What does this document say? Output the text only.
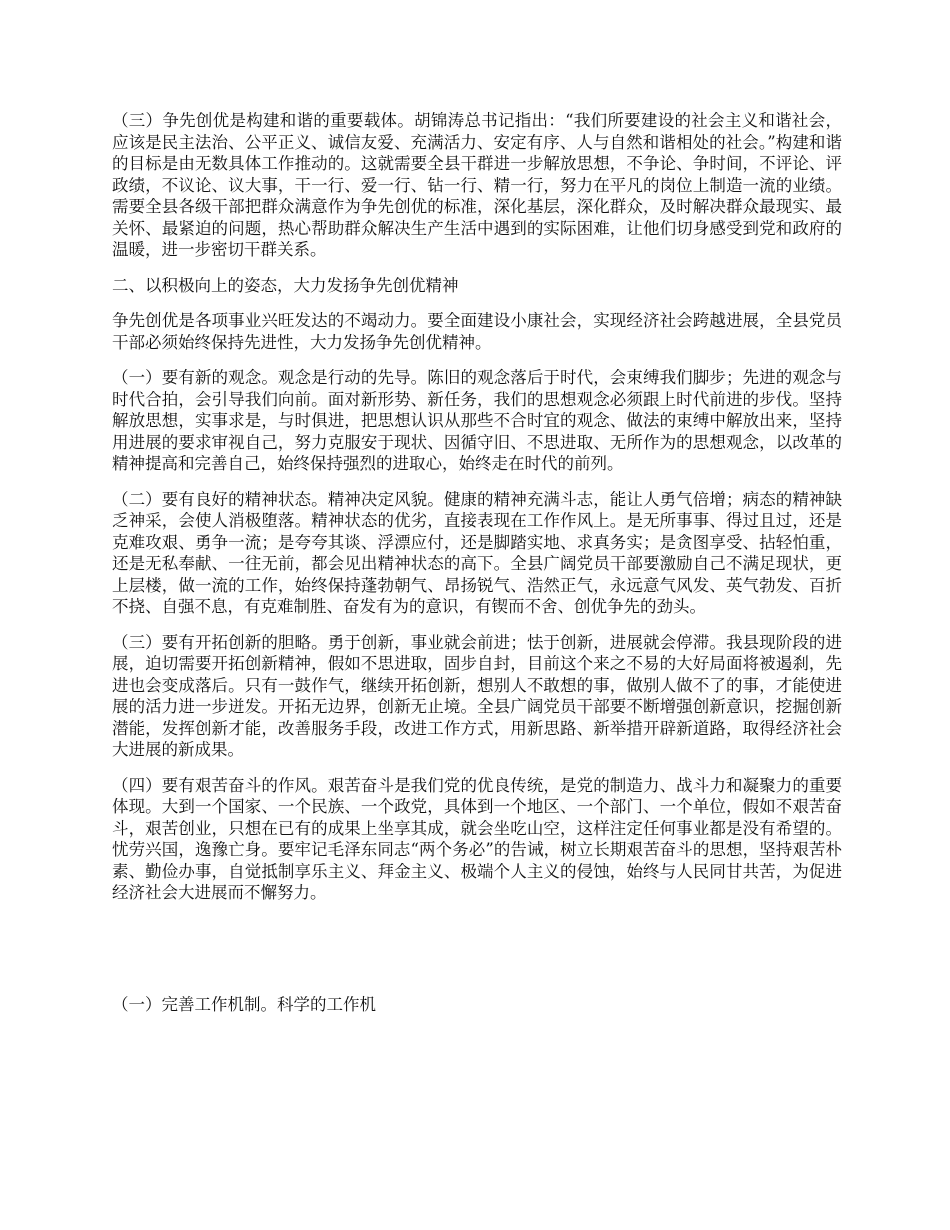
（三）争先创优是构建和谐的重要载体。胡锦涛总书记指出：“我们所要建设的社会主义和谐社会，应该是民主法治、公平正义、诚信友爱、充满活力、安定有序、人与自然和谐相处的社会。”构建和谐的目标是由无数具体工作推动的。这就需要全县干群进一步解放思想，不争论、争时间，不评论、评政绩，不议论、议大事，干一行、爱一行、钻一行、精一行，努力在平凡的岗位上制造一流的业绩。需要全县各级干部把群众满意作为争先创优的标准，深化基层，深化群众，及时解决群众最现实、最关怀、最紧迫的问题，热心帮助群众解决生产生活中遇到的实际困难，让他们切身感受到党和政府的温暖，进一步密切干群关系。

二、以积极向上的姿态，大力发扬争先创优精神

争先创优是各项事业兴旺发达的不竭动力。要全面建设小康社会，实现经济社会跨越进展，全县党员干部必须始终保持先进性，大力发扬争先创优精神。

（一）要有新的观念。观念是行动的先导。陈旧的观念落后于时代，会束缚我们脚步；先进的观念与时代合拍，会引导我们向前。面对新形势、新任务，我们的思想观念必须跟上时代前进的步伐。坚持解放思想，实事求是，与时俱进，把思想认识从那些不合时宜的观念、做法的束缚中解放出来，坚持用进展的要求审视自己，努力克服安于现状、因循守旧、不思进取、无所作为的思想观念，以改革的精神提高和完善自己，始终保持强烈的进取心，始终走在时代的前列。

（二）要有良好的精神状态。精神决定风貌。健康的精神充满斗志，能让人勇气倍增；病态的精神缺乏神采，会使人消极堕落。精神状态的优劣，直接表现在工作作风上。是无所事事、得过且过，还是克难攻艰、勇争一流；是夸夸其谈、浮漂应付，还是脚踏实地、求真务实；是贪图享受、拈轻怕重，还是无私奉献、一往无前，都会见出精神状态的高下。全县广阔党员干部要激励自己不满足现状，更上层楼，做一流的工作，始终保持蓬勃朝气、昂扬锐气、浩然正气，永远意气风发、英气勃发、百折不挠、自强不息，有克难制胜、奋发有为的意识，有锲而不舍、创优争先的劲头。

（三）要有开拓创新的胆略。勇于创新，事业就会前进；怯于创新，进展就会停滞。我县现阶段的进展，迫切需要开拓创新精神，假如不思进取，固步自封，目前这个来之不易的大好局面将被遏刹，先进也会变成落后。只有一鼓作气，继续开拓创新，想别人不敢想的事，做别人做不了的事，才能使进展的活力进一步迸发。开拓无边界，创新无止境。全县广阔党员干部要不断增强创新意识，挖掘创新潜能，发挥创新才能，改善服务手段，改进工作方式，用新思路、新举措开辟新道路，取得经济社会大进展的新成果。

（四）要有艰苦奋斗的作风。艰苦奋斗是我们党的优良传统，是党的制造力、战斗力和凝聚力的重要体现。大到一个国家、一个民族、一个政党，具体到一个地区、一个部门、一个单位，假如不艰苦奋斗，艰苦创业，只想在已有的成果上坐享其成，就会坐吃山空，这样注定任何事业都是没有希望的。忧劳兴国，逸豫亡身。要牢记毛泽东同志“两个务必”的告诫，树立长期艰苦奋斗的思想，坚持艰苦朴素、勤俭办事，自觉抵制享乐主义、拜金主义、极端个人主义的侵蚀，始终与人民同甘共苦，为促进经济社会大进展而不懈努力。

（一）完善工作机制。科学的工作机
